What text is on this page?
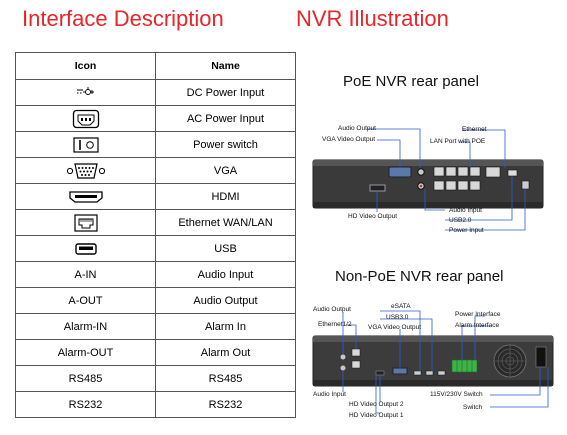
Interface Description	NVR Illustration
Icon	Name

	DC Power Input

	AC Power Input

	Power switch

	VGA

	HDMI

	Ethernet WAN/LAN

	USB
A-IN	Audio Input
A-OUT	Audio Output
Alarm-IN	Alarm In
Alarm-OUT	Alarm Out
RS485	RS485
RS232	RS232
PoE NVR rear panel
Audio Output
VGA Video Output
Ethernet
LAN Port with POE
HD Video Output
Audio Input
USB2.0
Power Input
Non-PoE NVR rear panel
Audio Output
Ethernet1/2
eSATA
USB3.0
VGA Video Output
Power Interface
Alarm Interface
Audio Input
HD Video Output 2
HD Video Output 1
115V/230V Switch
Switch
